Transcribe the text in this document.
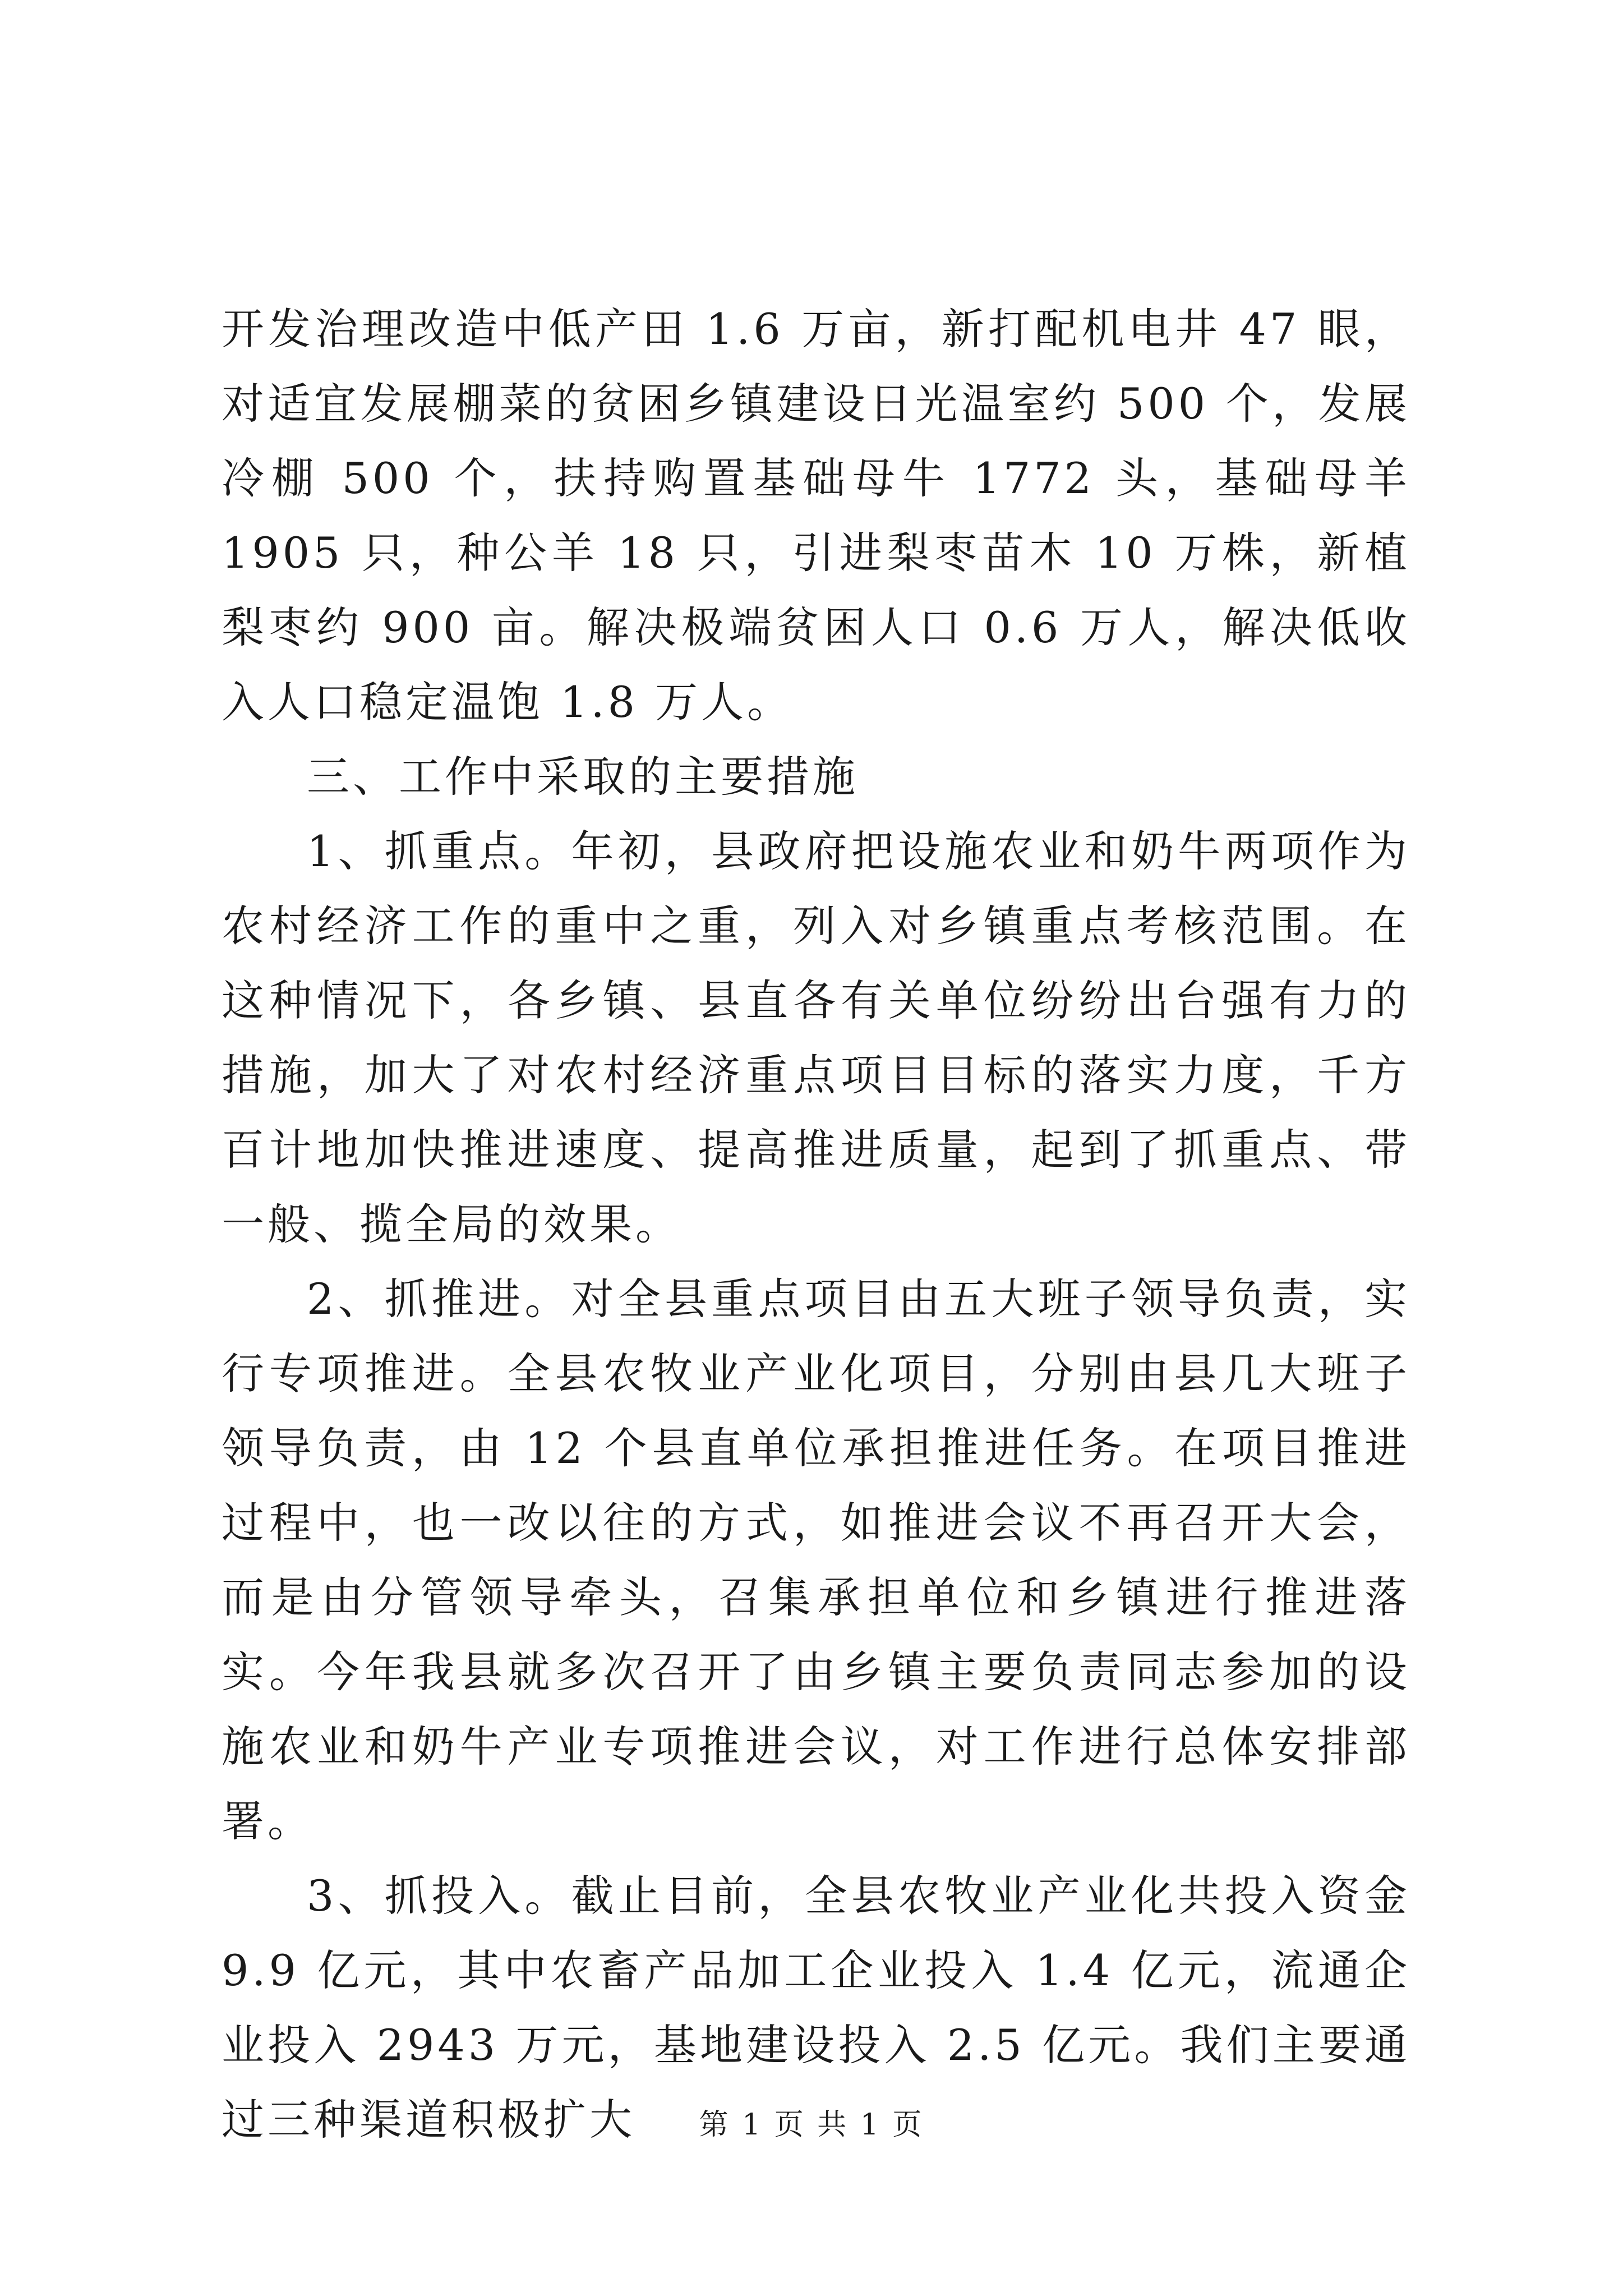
开发治理改造中低产田 1.6 万亩，新打配机电井 47 眼，对适宜发展棚菜的贫困乡镇建设日光温室约 500 个，发展冷棚 500 个，扶持购置基础母牛 1772 头，基础母羊 1905 只，种公羊 18 只，引进梨枣苗木 10 万株，新植梨枣约 900 亩。解决极端贫困人口 0.6 万人，解决低收入人口稳定温饱 1.8 万人。

三、工作中采取的主要措施

1、抓重点。年初，县政府把设施农业和奶牛两项作为农村经济工作的重中之重，列入对乡镇重点考核范围。在这种情况下，各乡镇、县直各有关单位纷纷出台强有力的措施，加大了对农村经济重点项目目标的落实力度，千方百计地加快推进速度、提高推进质量，起到了抓重点、带一般、揽全局的效果。

2、抓推进。对全县重点项目由五大班子领导负责，实行专项推进。全县农牧业产业化项目，分别由县几大班子领导负责，由 12 个县直单位承担推进任务。在项目推进过程中，也一改以往的方式，如推进会议不再召开大会，而是由分管领导牵头，召集承担单位和乡镇进行推进落实。今年我县就多次召开了由乡镇主要负责同志参加的设施农业和奶牛产业专项推进会议，对工作进行总体安排部署。

3、抓投入。截止目前，全县农牧业产业化共投入资金 9.9 亿元，其中农畜产品加工企业投入 1.4 亿元，流通企业投入 2943 万元，基地建设投入 2.5 亿元。我们主要通过三种渠道积极扩大	第 1 页 共 1 页
